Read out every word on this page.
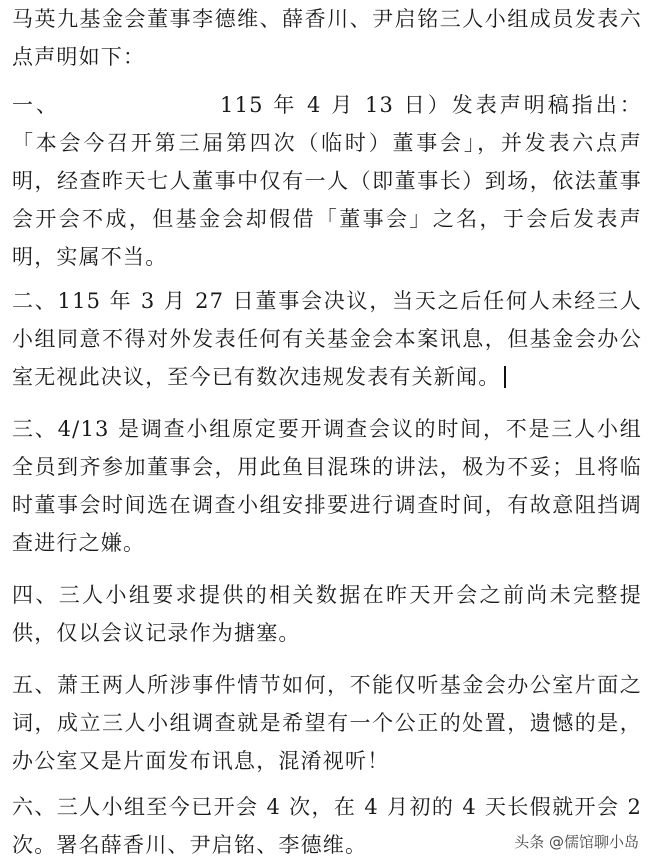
马英九基金会董事李德维、薛香川、尹启铭三人小组成员发表六点声明如下：

一、	115 年 4 月 13 日）发表声明稿指出：「本会今召开第三届第四次（临时）董事会」，并发表六点声明，经查昨天七人董事中仅有一人（即董事长）到场，依法董事会开会不成，但基金会却假借「董事会」之名，于会后发表声明，实属不当。

二、115 年 3 月 27 日董事会决议，当天之后任何人未经三人小组同意不得对外发表任何有关基金会本案讯息，但基金会办公室无视此决议，至今已有数次违规发表有关新闻。

三、4/13 是调查小组原定要开调查会议的时间，不是三人小组全员到齐参加董事会，用此鱼目混珠的讲法，极为不妥；且将临时董事会时间选在调查小组安排要进行调查时间，有故意阻挡调查进行之嫌。

四、三人小组要求提供的相关数据在昨天开会之前尚未完整提供，仅以会议记录作为搪塞。

五、萧王两人所涉事件情节如何，不能仅听基金会办公室片面之词，成立三人小组调查就是希望有一个公正的处置，遗憾的是，办公室又是片面发布讯息，混淆视听！

六、三人小组至今已开会 4 次，在 4 月初的 4 天长假就开会 2 次。署名薛香川、尹启铭、李德维。	头条 @儒馆聊小岛
